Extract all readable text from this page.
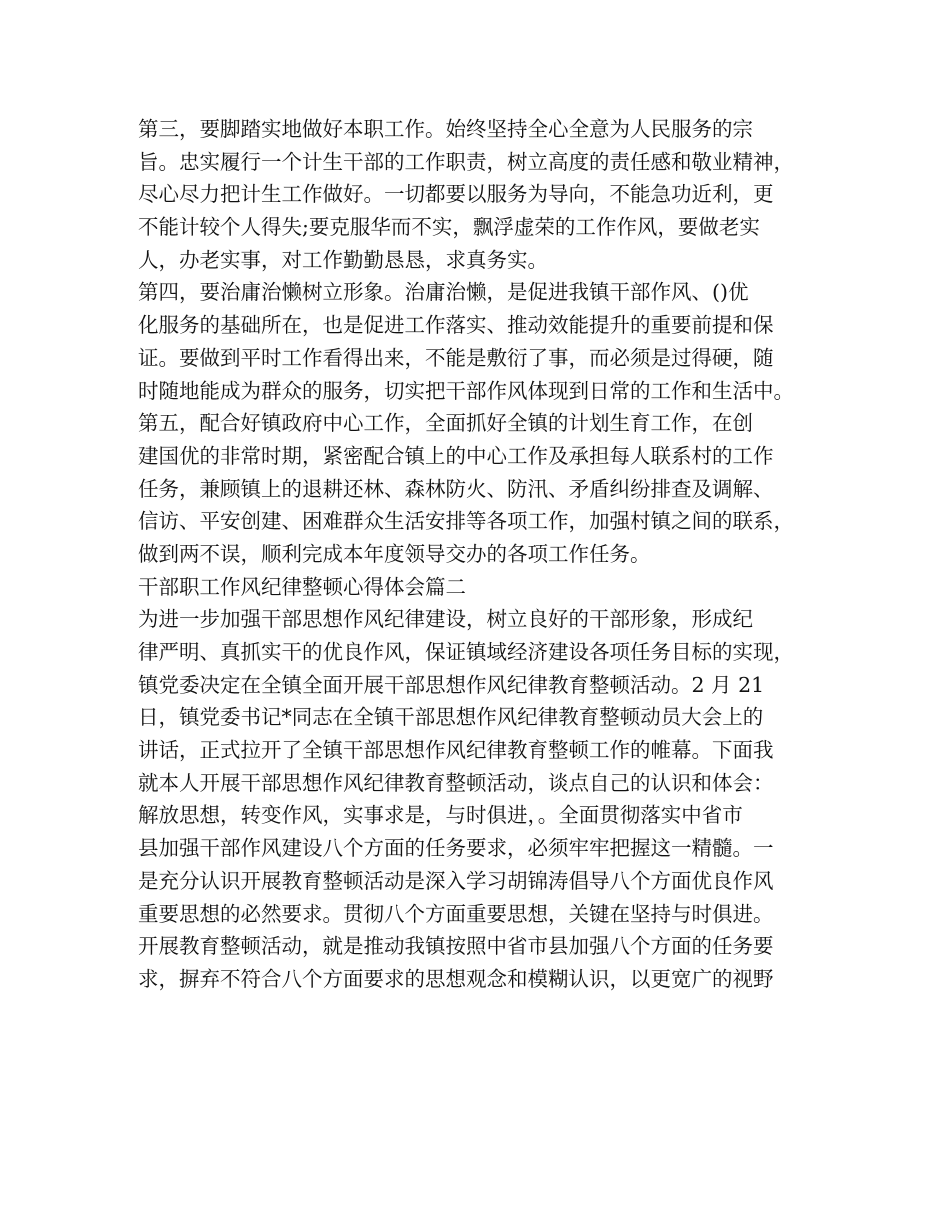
第三，要脚踏实地做好本职工作。始终坚持全心全意为人民服务的宗
旨。忠实履行一个计生干部的工作职责，树立高度的责任感和敬业精神，
尽心尽力把计生工作做好。一切都要以服务为导向，不能急功近利，更
不能计较个人得失;要克服华而不实，飘浮虚荣的工作作风，要做老实
人，办老实事，对工作勤勤恳恳，求真务实。
第四，要治庸治懒树立形象。治庸治懒，是促进我镇干部作风、()优
化服务的基础所在，也是促进工作落实、推动效能提升的重要前提和保
证。要做到平时工作看得出来，不能是敷衍了事，而必须是过得硬，随
时随地能成为群众的服务，切实把干部作风体现到日常的工作和生活中。
第五，配合好镇政府中心工作，全面抓好全镇的计划生育工作，在创
建国优的非常时期，紧密配合镇上的中心工作及承担每人联系村的工作
任务，兼顾镇上的退耕还林、森林防火、防汛、矛盾纠纷排查及调解、
信访、平安创建、困难群众生活安排等各项工作，加强村镇之间的联系，
做到两不误，顺利完成本年度领导交办的各项工作任务。
干部职工作风纪律整顿心得体会篇二
为进一步加强干部思想作风纪律建设，树立良好的干部形象，形成纪
律严明、真抓实干的优良作风，保证镇域经济建设各项任务目标的实现，
镇党委决定在全镇全面开展干部思想作风纪律教育整顿活动。2 月 21
日，镇党委书记*同志在全镇干部思想作风纪律教育整顿动员大会上的
讲话，正式拉开了全镇干部思想作风纪律教育整顿工作的帷幕。下面我
就本人开展干部思想作风纪律教育整顿活动，谈点自己的认识和体会：
解放思想，转变作风，实事求是，与时俱进，。全面贯彻落实中省市
县加强干部作风建设八个方面的任务要求，必须牢牢把握这一精髓。一
是充分认识开展教育整顿活动是深入学习胡锦涛倡导八个方面优良作风
重要思想的必然要求。贯彻八个方面重要思想，关键在坚持与时俱进。
开展教育整顿活动，就是推动我镇按照中省市县加强八个方面的任务要
求，摒弃不符合八个方面要求的思想观念和模糊认识，以更宽广的视野
